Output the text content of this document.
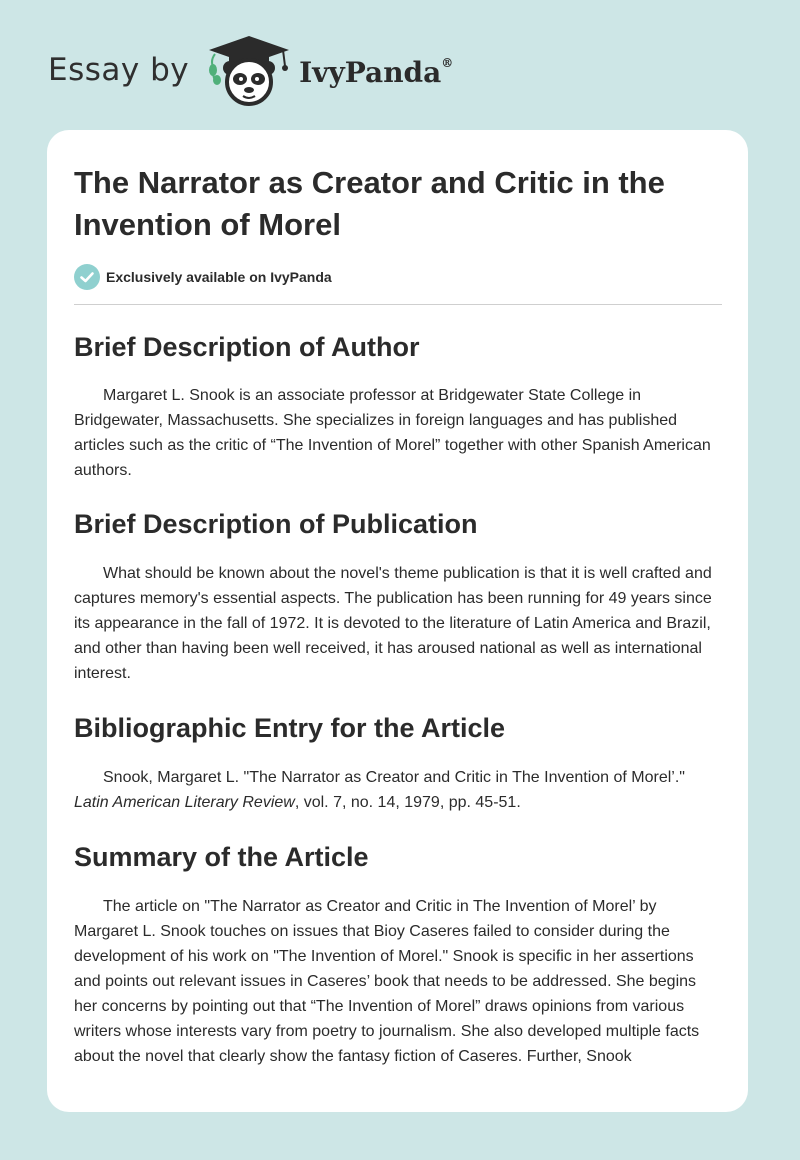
Essay by	IvyPanda®
The Narrator as Creator and Critic in the Invention of Morel
Exclusively available on IvyPanda
Brief Description of Author

Margaret L. Snook is an associate professor at Bridgewater State College in Bridgewater, Massachusetts. She specializes in foreign languages and has published articles such as the critic of “The Invention of Morel” together with other Spanish American authors.

Brief Description of Publication

What should be known about the novel's theme publication is that it is well crafted and captures memory's essential aspects. The publication has been running for 49 years since its appearance in the fall of 1972. It is devoted to the literature of Latin America and Brazil, and other than having been well received, it has aroused national as well as international interest.

Bibliographic Entry for the Article

Snook, Margaret L. "The Narrator as Creator and Critic in The Invention of Morel’." Latin American Literary Review, vol. 7, no. 14, 1979, pp. 45-51.

Summary of the Article

The article on "The Narrator as Creator and Critic in The Invention of Morel’ by Margaret L. Snook touches on issues that Bioy Caseres failed to consider during the development of his work on "The Invention of Morel." Snook is specific in her assertions and points out relevant issues in Caseres’ book that needs to be addressed. She begins her concerns by pointing out that “The Invention of Morel” draws opinions from various writers whose interests vary from poetry to journalism. She also developed multiple facts about the novel that clearly show the fantasy fiction of Caseres. Further, Snook
